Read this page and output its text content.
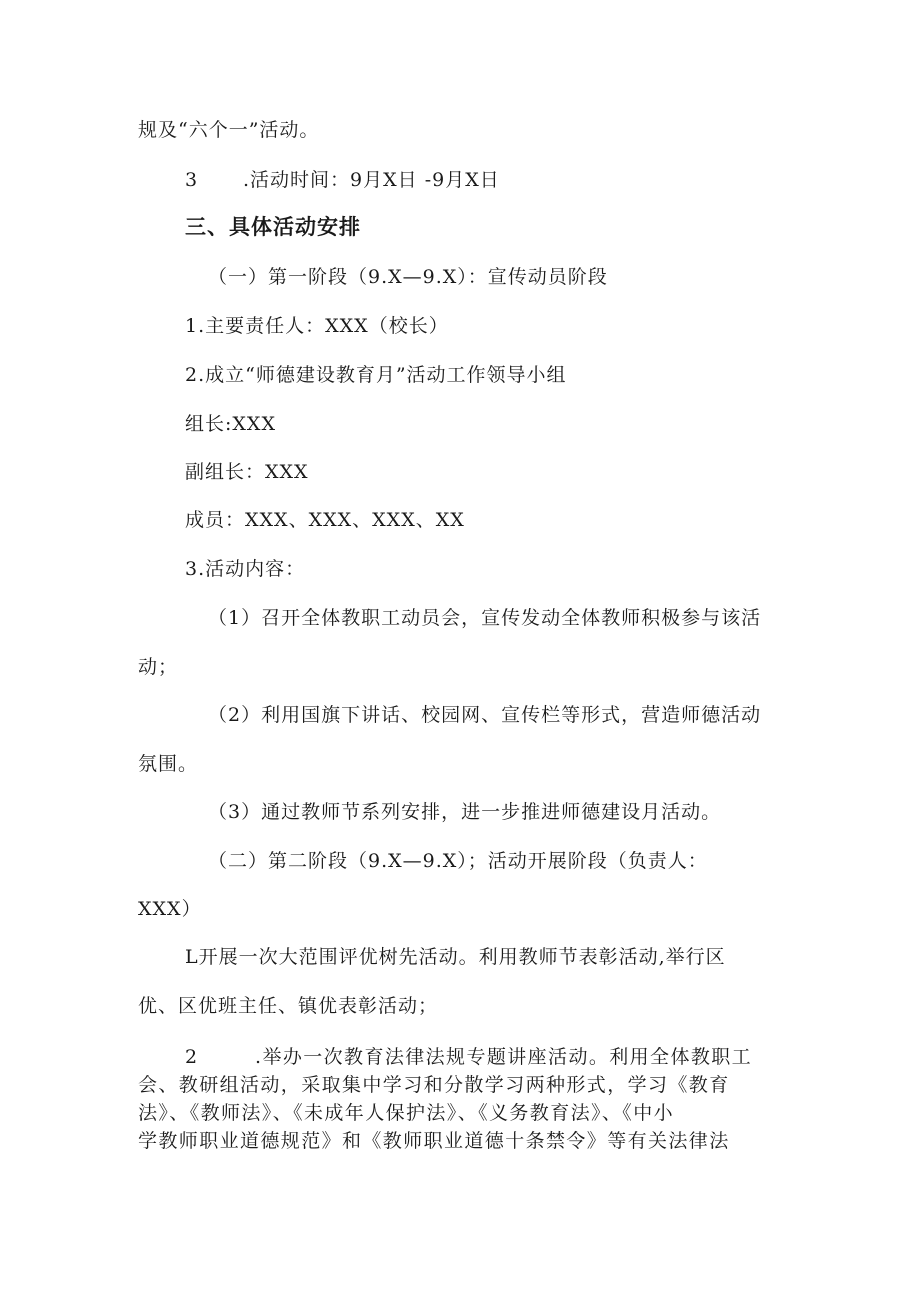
规及“六个一”活动。
3 .活动时间：9月X日 -9月X日
三、具体活动安排
（一）第一阶段（9.X—9.X）：宣传动员阶段
1.主要责任人：XXX（校长）
2.成立“师德建设教育月”活动工作领导小组
组长:XXX
副组长：XXX
成员：XXX、XXX、XXX、XX
3.活动内容：
（1）召开全体教职工动员会，宣传发动全体教师积极参与该活
动；
（2）利用国旗下讲话、校园网、宣传栏等形式，营造师德活动
氛围。
（3）通过教师节系列安排，进一步推进师德建设月活动。
（二）第二阶段（9.X—9.X）；活动开展阶段（负责人：
XXX）
L开展一次大范围评优树先活动。利用教师节表彰活动,举行区
优、区优班主任、镇优表彰活动；
2	.举办一次教育法律法规专题讲座活动。利用全体教职工
会、教研组活动，采取集中学习和分散学习两种形式，学习《教育
法》、《教师法》、《未成年人保护法》、《义务教育法》、《中小
学教师职业道德规范》和《教师职业道德十条禁令》等有关法律法
